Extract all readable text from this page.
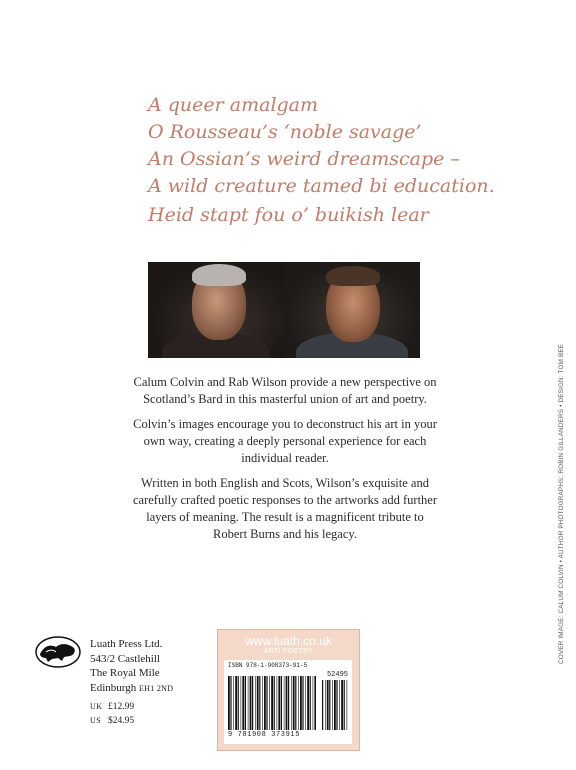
A queer amalgam
O Rousseau’s ‘noble savage’
An Ossian’s weird dreamscape –
A wild creature tamed bi education.
Heid stapt fou o’ buikish lear

Calum Colvin and Rab Wilson provide a new perspective on Scotland’s Bard in this masterful union of art and poetry.

Colvin’s images encourage you to deconstruct his art in your own way, creating a deeply personal experience for each individual reader.

Written in both English and Scots, Wilson’s exquisite and carefully crafted poetic responses to the artworks add further layers of meaning. The result is a magnificent tribute to Robert Burns and his legacy.

Luath Press Ltd.
543/2 Castlehill
The Royal Mile
Edinburgh EH1 2ND
UK £12.99
US $24.95
www.luath.co.uk
ART/ POETRY
ISBN 978-1-908373-91-5
52495
9 781908 373915
COVER IMAGE: CALUM COLVIN • AUTHOR PHOTOGRAPHS: ROBIN GILLANDERS • DESIGN: TOM BEE
